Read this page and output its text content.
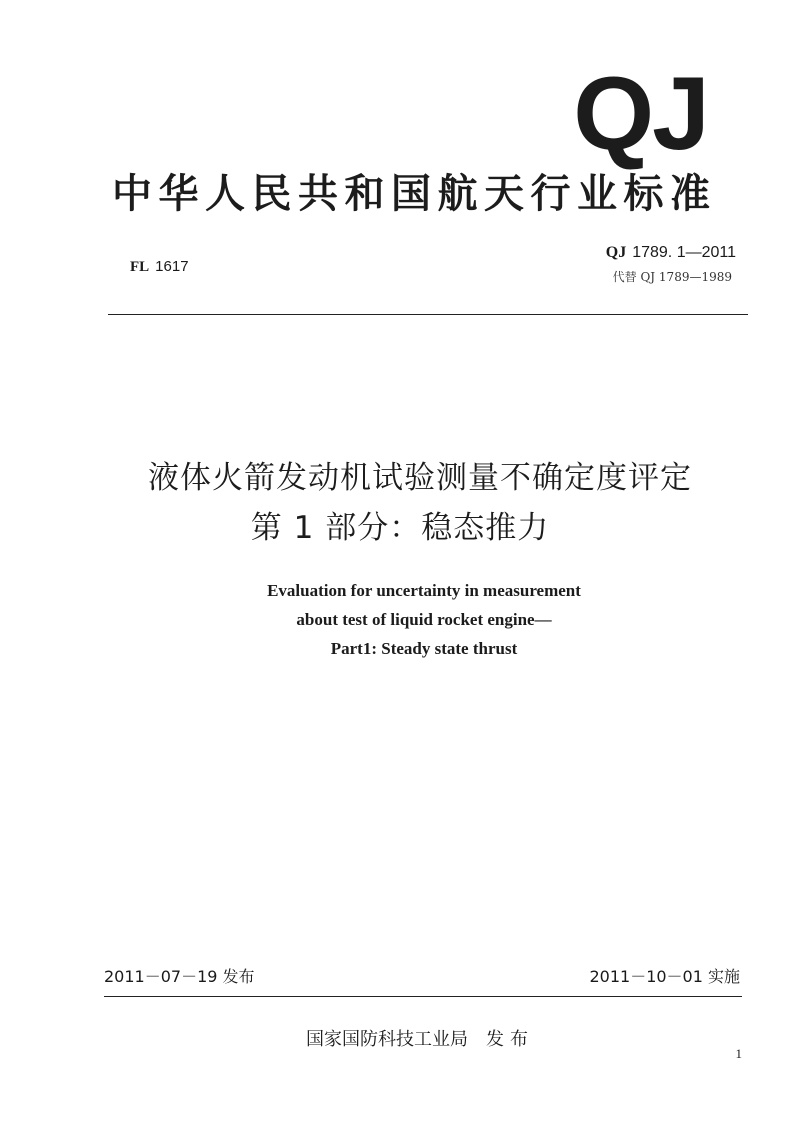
QJ
中华人民共和国航天行业标准
FL 1617
QJ 1789. 1—2011
代替 QJ 1789—1989
液体火箭发动机试验测量不确定度评定
第 1 部分：稳态推力
Evaluation for uncertainty in measurement
about test of liquid rocket engine—
Part1: Steady state thrust
2011－07－19 发布	2011－10－01 实施
国家国防科技工业局 发布
1
